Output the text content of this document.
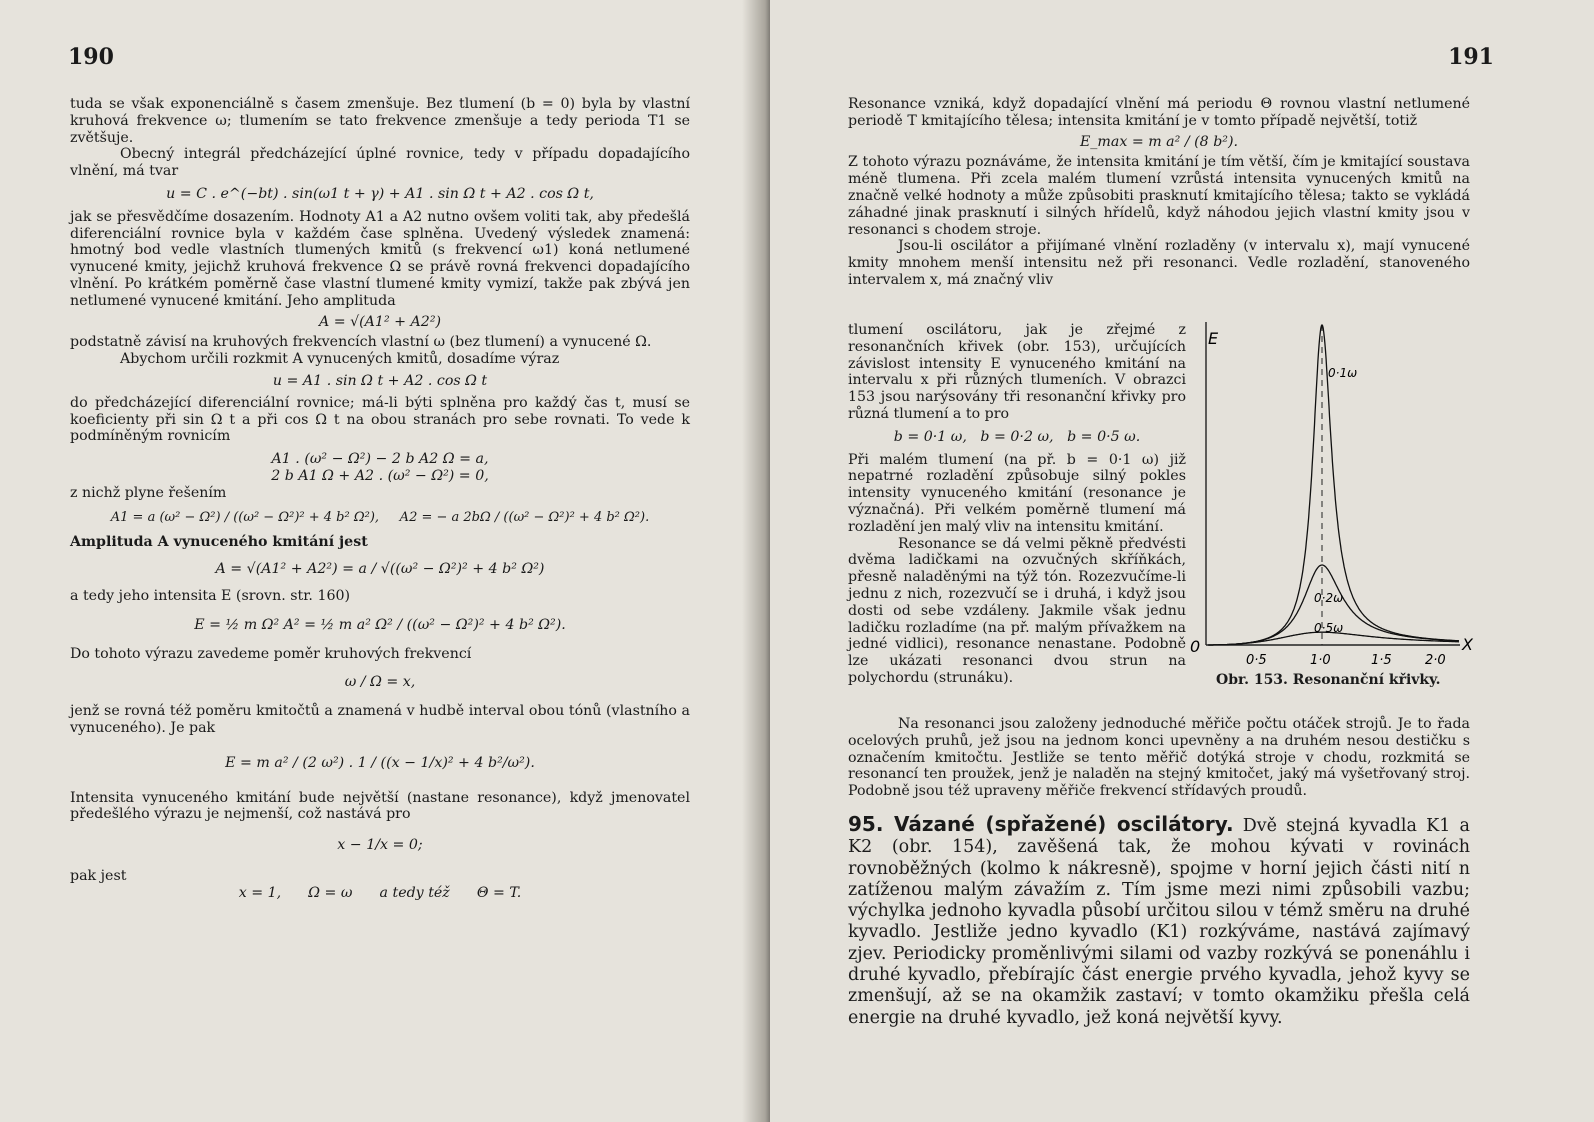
190

tuda se však exponenciálně s časem zmenšuje. Bez tlumení (b = 0) byla by vlastní kruhová frekvence ω; tlumením se tato frekvence zmenšuje a tedy perioda T1 se zvětšuje.

Obecný integrál předcházející úplné rovnice, tedy v případu dopadajícího vlnění, má tvar

u = C . e^(−bt) . sin(ω1 t + γ) + A1 . sin Ω t + A2 . cos Ω t,

jak se přesvědčíme dosazením. Hodnoty A1 a A2 nutno ovšem voliti tak, aby předešlá diferenciální rovnice byla v každém čase splněna. Uvedený výsledek znamená: hmotný bod vedle vlastních tlumených kmitů (s frekvencí ω1) koná netlumené vynucené kmity, jejichž kruhová frekvence Ω se právě rovná frekvenci dopadajícího vlnění. Po krátkém poměrně čase vlastní tlumené kmity vymizí, takže pak zbývá jen netlumené vynucené kmitání. Jeho amplituda

A = √(A1² + A2²)

podstatně závisí na kruhových frekvencích vlastní ω (bez tlumení) a vynucené Ω.

Abychom určili rozkmit A vynucených kmitů, dosadíme výraz

u = A1 . sin Ω t + A2 . cos Ω t

do předcházející diferenciální rovnice; má-li býti splněna pro každý čas t, musí se koeficienty při sin Ω t a při cos Ω t na obou stranách pro sebe rovnati. To vede k podmíněným rovnicím

A1 . (ω² − Ω²) − 2 b A2 Ω = a,

2 b A1 Ω + A2 . (ω² − Ω²) = 0,

z nichž plyne řešením

A1 = a (ω² − Ω²) / ((ω² − Ω²)² + 4 b² Ω²),     A2 = − a 2bΩ / ((ω² − Ω²)² + 4 b² Ω²).

Amplituda A vynuceného kmitání jest

A = √(A1² + A2²) = a / √((ω² − Ω²)² + 4 b² Ω²)

a tedy jeho intensita E (srovn. str. 160)

E = ½ m Ω² A² = ½ m a² Ω² / ((ω² − Ω²)² + 4 b² Ω²).

Do tohoto výrazu zavedeme poměr kruhových frekvencí

ω / Ω = x,

jenž se rovná též poměru kmitočtů a znamená v hudbě interval obou tónů (vlastního a vynuceného). Je pak

E = m a² / (2 ω²) . 1 / ((x − 1/x)² + 4 b²/ω²).

Intensita vynuceného kmitání bude největší (nastane resonance), když jmenovatel předešlého výrazu je nejmenší, což nastává pro

x − 1/x = 0;

pak jest

x = 1,      Ω = ω      a tedy též      Θ = T.

191

Resonance vzniká, když dopadající vlnění má periodu Θ rovnou vlastní netlumené periodě T kmitajícího tělesa; intensita kmitání je v tomto případě největší, totiž

E_max = m a² / (8 b²).

Z tohoto výrazu poznáváme, že intensita kmitání je tím větší, čím je kmitající soustava méně tlumena. Při zcela malém tlumení vzrůstá intensita vynucených kmitů na značně velké hodnoty a může způsobiti prasknutí kmitajícího tělesa; takto se vykládá záhadné jinak prasknutí i silných hřídelů, když náhodou jejich vlastní kmity jsou v resonanci s chodem stroje.

Jsou-li oscilátor a přijímané vlnění rozladěny (v intervalu x), mají vynucené kmity mnohem menší intensitu než při resonanci. Vedle rozladění, stanoveného intervalem x, má značný vliv

tlumení oscilátoru, jak je zřejmé z resonančních křivek (obr. 153), určujících závislost intensity E vynuceného kmitání na intervalu x při různých tlumeních. V obrazci 153 jsou narýsovány tři resonanční křivky pro různá tlumení a to pro

b = 0·1 ω,   b = 0·2 ω,   b = 0·5 ω.

Při malém tlumení (na př. b = 0·1 ω) již nepatrné rozladění způsobuje silný pokles intensity vynuceného kmitání (resonance je význačná). Při velkém poměrně tlumení má rozladění jen malý vliv na intensitu kmitání.

Resonance se dá velmi pěkně předvésti dvěma ladičkami na ozvučných skříňkách, přesně naladěnými na týž tón. Rozezvučíme-li jednu z nich, rozezvučí se i druhá, i když jsou dosti od sebe vzdáleny. Jakmile však jednu ladičku rozladíme (na př. malým přívažkem na jedné vidlici), resonance nenastane. Podobně lze ukázati resonanci dvou strun na polychordu (strunáku).

Na resonanci jsou založeny jednoduché měřiče počtu otáček strojů. Je to řada ocelových pruhů, jež jsou na jednom konci upevněny a na druhém nesou destičku s označením kmitočtu. Jestliže se tento měřič dotýká stroje v chodu, rozkmitá se resonancí ten proužek, jenž je naladěn na stejný kmitočet, jaký má vyšetřovaný stroj. Podobně jsou též upraveny měřiče frekvencí střídavých proudů.

95. Vázané (spřažené) oscilátory. Dvě stejná kyvadla K1 a K2 (obr. 154), zavěšená tak, že mohou kývati v rovinách rovnoběžných (kolmo k nákresně), spojme v horní jejich části nití n zatíženou malým závažím z. Tím jsme mezi nimi způsobili vazbu; výchylka jednoho kyvadla působí určitou silou v témž směru na druhé kyvadlo. Jestliže jedno kyvadlo (K1) rozkýváme, nastává zajímavý zjev. Periodicky proměnlivými silami od vazby rozkývá se ponenáhlu i druhé kyvadlo, přebírajíc část energie prvého kyvadla, jehož kyvy se zmenšují, až se na okamžik zastaví; v tomto okamžiku přešla celá energie na druhé kyvadlo, jež koná největší kyvy.

E
X
0
0·1ω
0·2ω
0·5ω
0·5	1·0	1·5	2·0
Obr. 153. Resonanční křivky.
